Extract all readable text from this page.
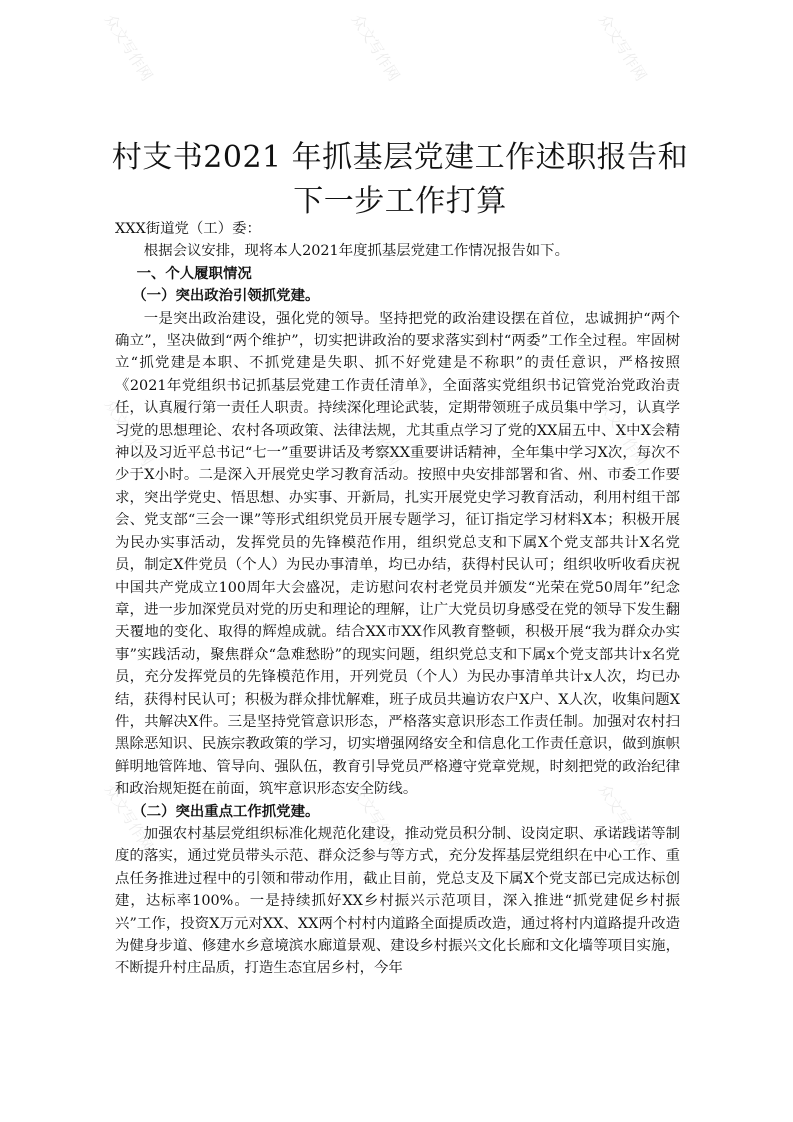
村支书2021 年抓基层党建工作述职报告和下一步工作打算

XXX街道党（工）委：

根据会议安排，现将本人2021年度抓基层党建工作情况报告如下。

一、个人履职情况

（一）突出政治引领抓党建。

一是突出政治建设，强化党的领导。坚持把党的政治建设摆在首位，忠诚拥护“两个确立”，坚决做到“两个维护”，切实把讲政治的要求落实到村“两委”工作全过程。牢固树立“抓党建是本职、不抓党建是失职、抓不好党建是不称职”的责任意识，严格按照《2021年党组织书记抓基层党建工作责任清单》，全面落实党组织书记管党治党政治责任，认真履行第一责任人职责。持续深化理论武装，定期带领班子成员集中学习，认真学习党的思想理论、农村各项政策、法律法规，尤其重点学习了党的XX届五中、X中X会精神以及习近平总书记“七一”重要讲话及考察XX重要讲话精神，全年集中学习X次，每次不少于X小时。二是深入开展党史学习教育活动。按照中央安排部署和省、州、市委工作要求，突出学党史、悟思想、办实事、开新局，扎实开展党史学习教育活动，利用村组干部会、党支部“三会一课”等形式组织党员开展专题学习，征订指定学习材料X本；积极开展为民办实事活动，发挥党员的先锋模范作用，组织党总支和下属X个党支部共计X名党员，制定X件党员（个人）为民办事清单，均已办结，获得村民认可；组织收听收看庆祝中国共产党成立100周年大会盛况，走访慰问农村老党员并颁发“光荣在党50周年”纪念章，进一步加深党员对党的历史和理论的理解，让广大党员切身感受在党的领导下发生翻天覆地的变化、取得的辉煌成就。结合XX市XX作风教育整顿，积极开展“我为群众办实事”实践活动，聚焦群众“急难愁盼”的现实问题，组织党总支和下属x个党支部共计x名党员，充分发挥党员的先锋模范作用，开列党员（个人）为民办事清单共计x人次，均已办结，获得村民认可；积极为群众排忧解难，班子成员共遍访农户X户、X人次，收集问题X件，共解决X件。三是坚持党管意识形态，严格落实意识形态工作责任制。加强对农村扫黑除恶知识、民族宗教政策的学习，切实增强网络安全和信息化工作责任意识，做到旗帜鲜明地管阵地、管导向、强队伍，教育引导党员严格遵守党章党规，时刻把党的政治纪律和政治规矩挺在前面，筑牢意识形态安全防线。

（二）突出重点工作抓党建。

加强农村基层党组织标准化规范化建设，推动党员积分制、设岗定职、承诺践诺等制度的落实，通过党员带头示范、群众泛参与等方式，充分发挥基层党组织在中心工作、重点任务推进过程中的引领和带动作用，截止目前，党总支及下属X个党支部已完成达标创建，达标率100%。一是持续抓好XX乡村振兴示范项目，深入推进“抓党建促乡村振兴”工作，投资X万元对XX、XX两个村村内道路全面提质改造，通过将村内道路提升改造为健身步道、修建水乡意境滨水廊道景观、建设乡村振兴文化长廊和文化墙等项目实施，不断提升村庄品质，打造生态宜居乡村，今年

众文写作网	众文写作网	众文写作网
众文写作网	众文写作网	众文写作网
众文写作网	众文写作网	众文写作网
